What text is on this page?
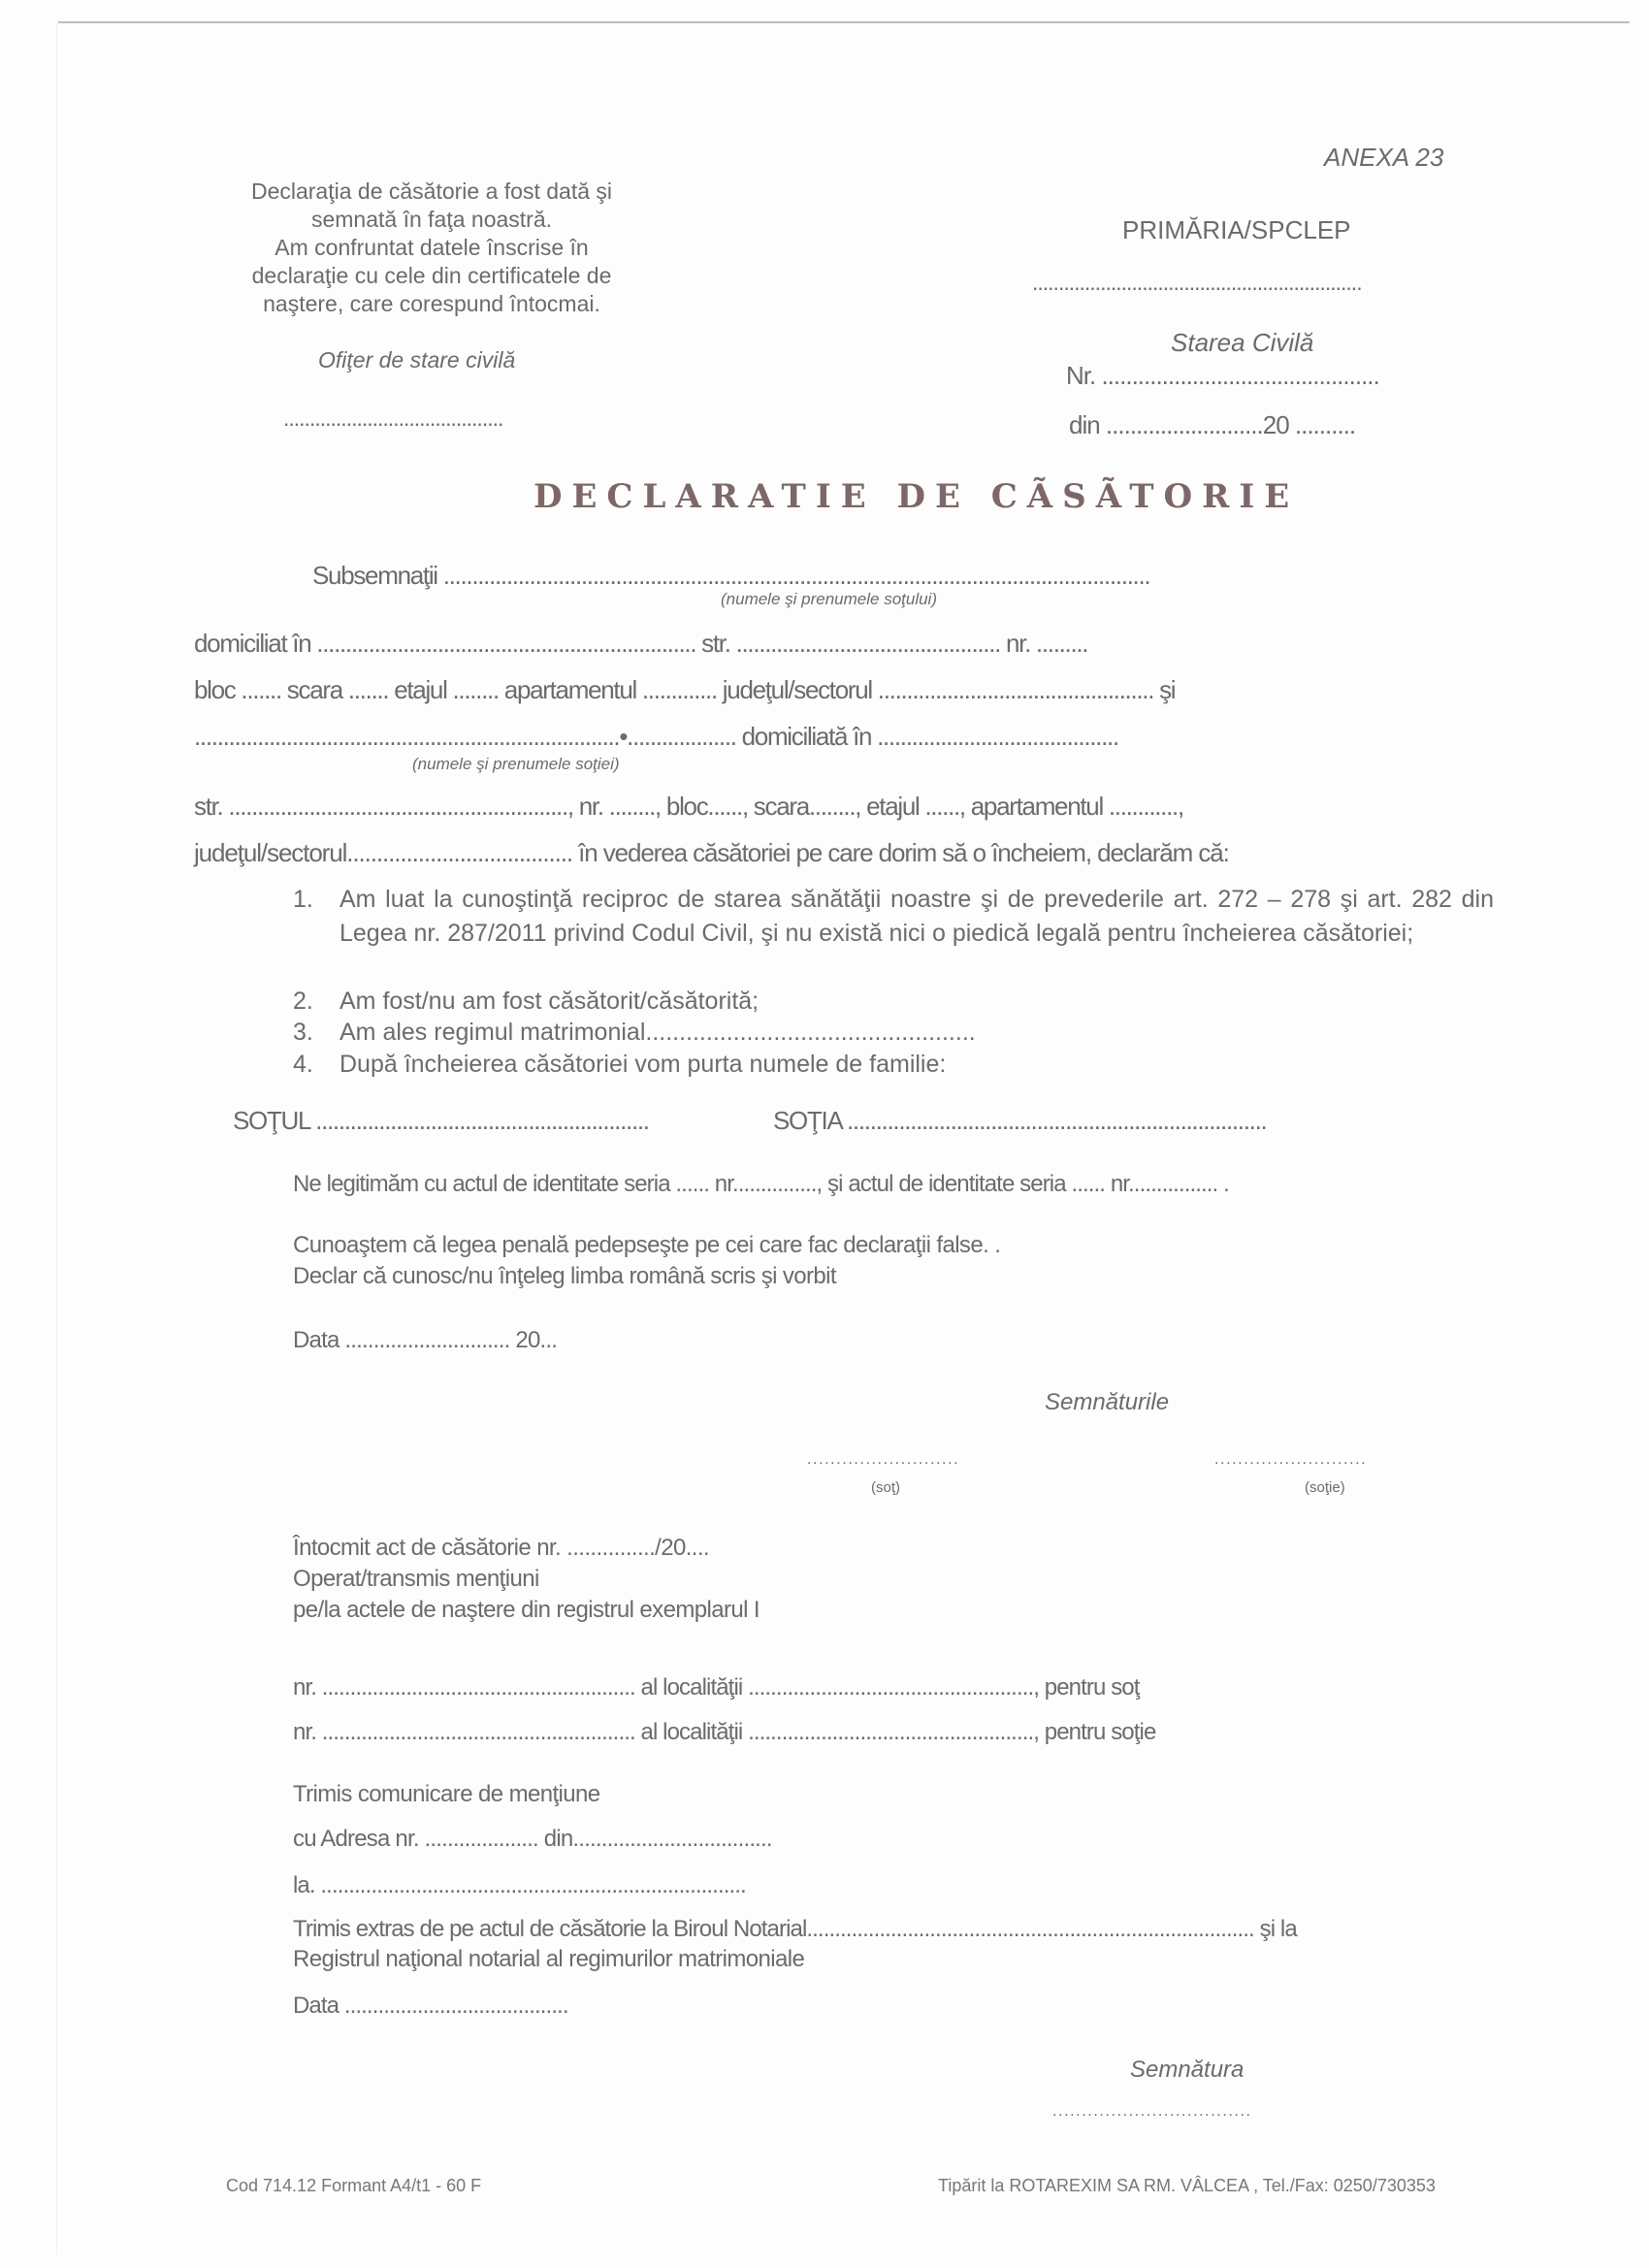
Declaraţia de căsătorie a fost dată şi
semnată în faţa noastră.
Am confruntat datele înscrise în
declaraţie cu cele din certificatele de
naştere, care corespund întocmai.
Ofiţer de stare civilă
..........................................
ANEXA 23
PRIMĂRIA/SPCLEP
...............................................................
Starea Civilă
Nr. ..............................................
din ..........................20 ..........
DECLARATIE DE CÃSÃTORIE
Subsemnaţii ...........................................................................................................................
(numele şi prenumele soţului)
domiciliat în .................................................................. str. .............................................. nr. .........
bloc ....... scara ....... etajul ........ apartamentul ............. judeţul/sectorul ................................................ şi
..........................................................................•................... domiciliată în ..........................................
(numele şi prenumele soţiei)
str. ..........................................................., nr. ........, bloc......, scara........, etajul ......, apartamentul ............,
judeţul/sectorul...................................... în vederea căsătoriei pe care dorim să o încheiem, declarăm că:
1. Am luat la cunoştinţă reciproc de starea sănătăţii noastre şi de prevederile art. 272 – 278 şi art. 282 din Legea nr. 287/2011 privind Codul Civil, şi nu există nici o piedică legală pentru încheierea căsătoriei;
2. Am fost/nu am fost căsătorit/căsătorită;
3. Am ales regimul matrimonial.................................................
4. După încheierea căsătoriei vom purta numele de familie:
SOŢUL ..........................................................	SOŢIA .........................................................................
Ne legitimăm cu actul de identitate seria ...... nr..............., şi actul de identitate seria ...... nr................ .
Cunoaştem că legea penală pedepseşte pe cei care fac declaraţii false. .
Declar că cunosc/nu înţeleg limba română scris şi vorbit
Data ............................. 20...
Semnăturile
..........................
(soţ)
..........................
(soţie)
Întocmit act de căsătorie nr. .............../20....
Operat/transmis menţiuni
pe/la actele de naştere din registrul exemplarul I
nr. ........................................................ al localităţii ..................................................., pentru soţ
nr. ........................................................ al localităţii ..................................................., pentru soţie
Trimis comunicare de menţiune
cu Adresa nr. .................... din...................................
la. ............................................................................
Trimis extras de pe actul de căsătorie la Biroul Notarial................................................................................ şi la
Registrul naţional notarial al regimurilor matrimoniale
Data ........................................
Semnătura
..................................
Cod 714.12 Formant A4/t1 - 60 F	Tipărit la ROTAREXIM SA RM. VÂLCEA , Tel./Fax: 0250/730353
